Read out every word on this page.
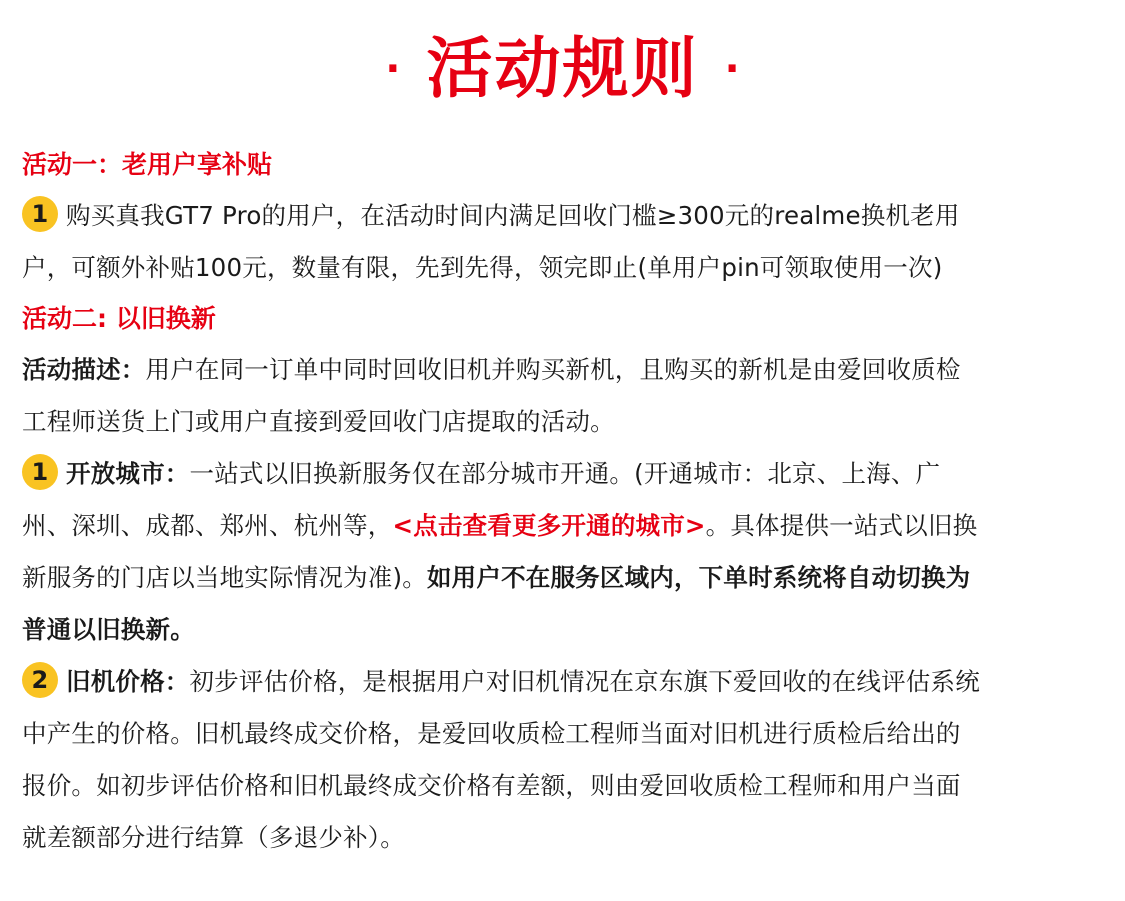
· 活动规则 ·

活动一：老用户享补贴

1 购买真我GT7 Pro的用户，在活动时间内满足回收门槛≥300元的realme换机老用

户，可额外补贴100元，数量有限，先到先得，领完即止(单用户pin可领取使用一次)

活动二: 以旧换新

活动描述：用户在同一订单中同时回收旧机并购买新机，且购买的新机是由爱回收质检

工程师送货上门或用户直接到爱回收门店提取的活动。

1 开放城市：一站式以旧换新服务仅在部分城市开通。(开通城市：北京、上海、广

州、深圳、成都、郑州、杭州等，<点击查看更多开通的城市>。具体提供一站式以旧换

新服务的门店以当地实际情况为准)。如用户不在服务区域内，下单时系统将自动切换为

普通以旧换新。

2 旧机价格：初步评估价格，是根据用户对旧机情况在京东旗下爱回收的在线评估系统

中产生的价格。旧机最终成交价格，是爱回收质检工程师当面对旧机进行质检后给出的

报价。如初步评估价格和旧机最终成交价格有差额，则由爱回收质检工程师和用户当面

就差额部分进行结算（多退少补）。
